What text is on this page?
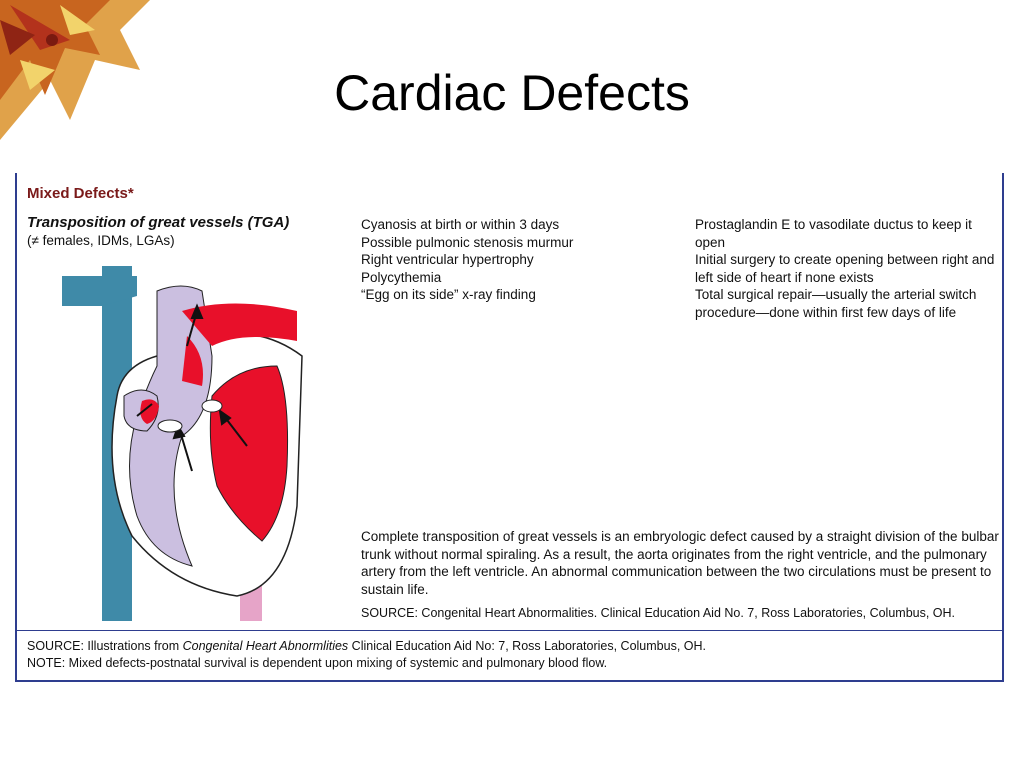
Cardiac Defects
Mixed Defects*
Transposition of great vessels (TGA)
(≠ females, IDMs, LGAs)
Cyanosis at birth or within 3 days
Possible pulmonic stenosis murmur
Right ventricular hypertrophy
Polycythemia
“Egg on its side” x-ray finding
Prostaglandin E to vasodilate ductus to keep it open
Initial surgery to create opening between right and left side of heart if none exists
Total surgical repair—usually the arterial switch procedure—done within first few days of life
Complete transposition of great vessels is an embryologic defect caused by a straight division of the bulbar trunk without normal spiraling. As a result, the aorta originates from the right ventricle, and the pulmonary artery from the left ventricle. An abnormal communication between the two circulations must be present to sustain life.
SOURCE: Congenital Heart Abnormalities. Clinical Education Aid No. 7, Ross Laboratories, Columbus, OH.
SOURCE: Illustrations from Congenital Heart Abnormlities Clinical Education Aid No: 7, Ross Laboratories, Columbus, OH.
NOTE: Mixed defects-postnatal survival is dependent upon mixing of systemic and pulmonary blood flow.
